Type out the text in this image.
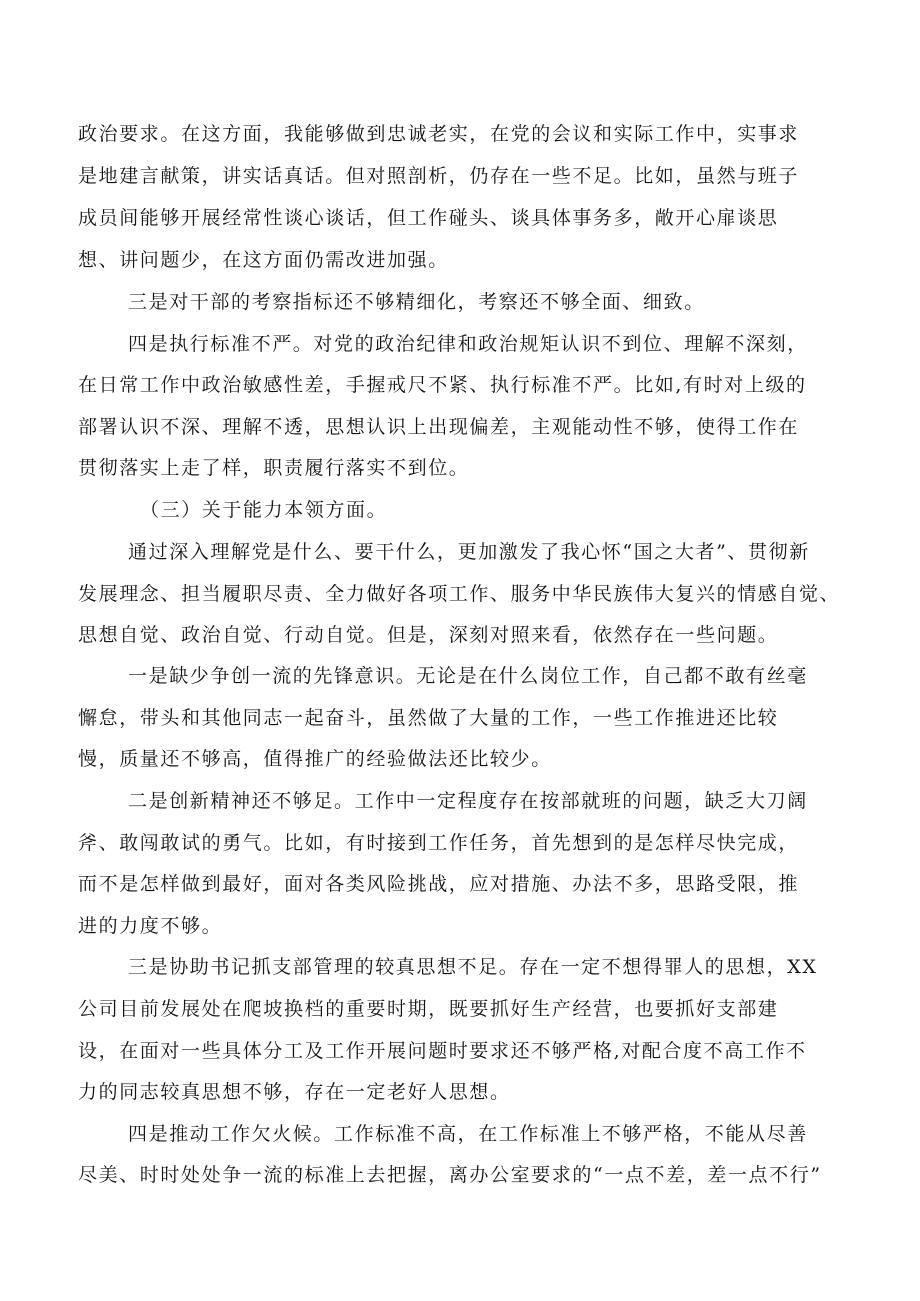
政治要求。在这方面，我能够做到忠诚老实，在党的会议和实际工作中，实事求
是地建言献策，讲实话真话。但对照剖析，仍存在一些不足。比如，虽然与班子
成员间能够开展经常性谈心谈话，但工作碰头、谈具体事务多，敞开心扉谈思
想、讲问题少，在这方面仍需改进加强。
三是对干部的考察指标还不够精细化，考察还不够全面、细致。
四是执行标准不严。对党的政治纪律和政治规矩认识不到位、理解不深刻，
在日常工作中政治敏感性差，手握戒尺不紧、执行标准不严。比如,有时对上级的
部署认识不深、理解不透，思想认识上出现偏差，主观能动性不够，使得工作在
贯彻落实上走了样，职责履行落实不到位。
（三）关于能力本领方面。
通过深入理解党是什么、要干什么，更加激发了我心怀“国之大者”、贯彻新
发展理念、担当履职尽责、全力做好各项工作、服务中华民族伟大复兴的情感自觉、
思想自觉、政治自觉、行动自觉。但是，深刻对照来看，依然存在一些问题。
一是缺少争创一流的先锋意识。无论是在什么岗位工作，自己都不敢有丝毫
懈怠，带头和其他同志一起奋斗，虽然做了大量的工作，一些工作推进还比较
慢，质量还不够高，值得推广的经验做法还比较少。
二是创新精神还不够足。工作中一定程度存在按部就班的问题，缺乏大刀阔
斧、敢闯敢试的勇气。比如，有时接到工作任务，首先想到的是怎样尽快完成，
而不是怎样做到最好，面对各类风险挑战，应对措施、办法不多，思路受限，推
进的力度不够。
三是协助书记抓支部管理的较真思想不足。存在一定不想得罪人的思想，XX
公司目前发展处在爬坡换档的重要时期，既要抓好生产经营，也要抓好支部建
设，在面对一些具体分工及工作开展问题时要求还不够严格,对配合度不高工作不
力的同志较真思想不够，存在一定老好人思想。
四是推动工作欠火候。工作标准不高，在工作标准上不够严格，不能从尽善
尽美、时时处处争一流的标准上去把握，离办公室要求的“一点不差，差一点不行”
